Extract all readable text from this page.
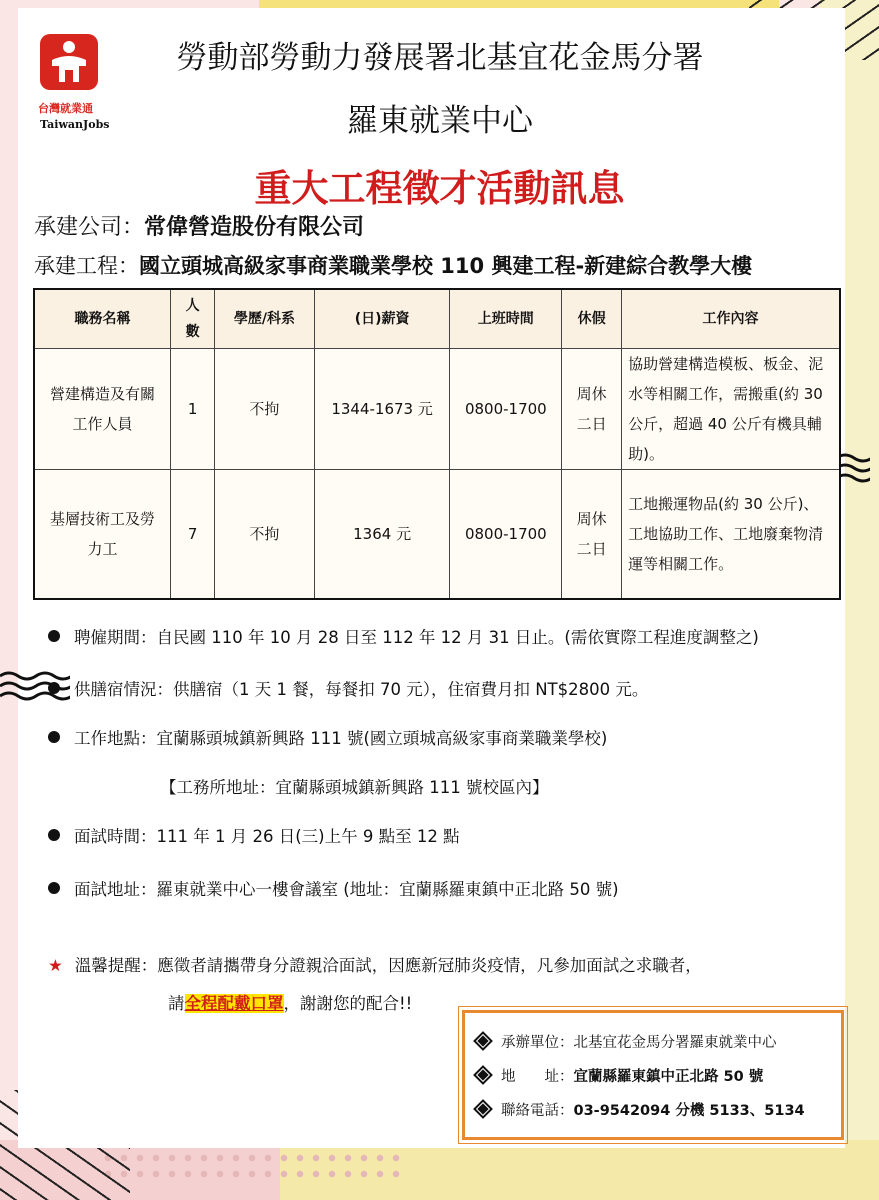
台灣就業通
TaiwanJobs
勞動部勞動力發展署北基宜花金馬分署
羅東就業中心
重大工程徵才活動訊息
承建公司：常偉營造股份有限公司
承建工程：國立頭城高級家事商業職業學校 110 興建工程-新建綜合教學大樓
職務名稱	人數	學歷/科系	(日)薪資	上班時間	休假	工作內容
營建構造及有關工作人員	1	不拘	1344-1673 元	0800-1700	周休二日	協助營建構造模板、板金、泥水等相關工作，需搬重(約 30 公斤，超過 40 公斤有機具輔助)。
基層技術工及勞力工	7	不拘	1364 元	0800-1700	周休二日	工地搬運物品(約 30 公斤)、工地協助工作、工地廢棄物清運等相關工作。
聘僱期間：自民國 110 年 10 月 28 日至 112 年 12 月 31 日止。(需依實際工程進度調整之)
供膳宿情況：供膳宿（1 天 1 餐，每餐扣 70 元），住宿費月扣 NT$2800 元。
工作地點：宜蘭縣頭城鎮新興路 111 號(國立頭城高級家事商業職業學校)
【工務所地址：宜蘭縣頭城鎮新興路 111 號校區內】
面試時間：111 年 1 月 26 日(三)上午 9 點至 12 點
面試地址：羅東就業中心一樓會議室 (地址：宜蘭縣羅東鎮中正北路 50 號)
★ 溫馨提醒：應徵者請攜帶身分證親洽面試，因應新冠肺炎疫情，凡參加面試之求職者，
請全程配戴口罩，謝謝您的配合!!
承辦單位：北基宜花金馬分署羅東就業中心
地　　址：宜蘭縣羅東鎮中正北路 50 號
聯絡電話：03-9542094 分機 5133、5134
